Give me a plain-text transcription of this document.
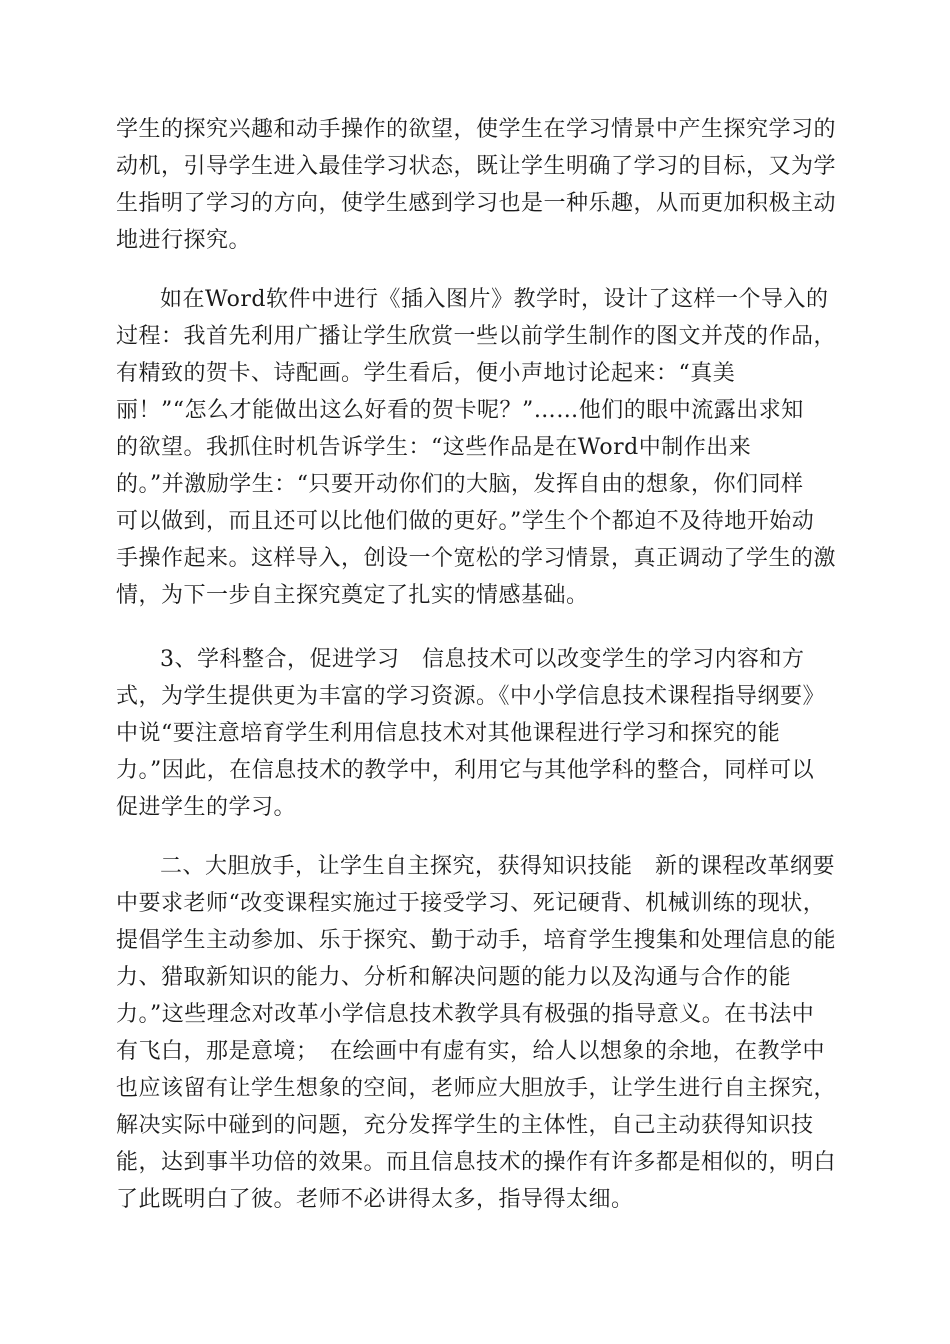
学生的探究兴趣和动手操作的欲望，使学生在学习情景中产生探究学习的
动机，引导学生进入最佳学习状态，既让学生明确了学习的目标，又为学
生指明了学习的方向，使学生感到学习也是一种乐趣，从而更加积极主动
地进行探究。
如在Word软件中进行《插入图片》教学时，设计了这样一个导入的
过程：我首先利用广播让学生欣赏一些以前学生制作的图文并茂的作品，
有精致的贺卡、诗配画。学生看后，便小声地讨论起来：“真美
丽！”“怎么才能做出这么好看的贺卡呢？”……他们的眼中流露出求知
的欲望。我抓住时机告诉学生：“这些作品是在Word中制作出来
的。”并激励学生：“只要开动你们的大脑，发挥自由的想象，你们同样
可以做到，而且还可以比他们做的更好。”学生个个都迫不及待地开始动
手操作起来。这样导入，创设一个宽松的学习情景，真正调动了学生的激
情，为下一步自主探究奠定了扎实的情感基础。
3、学科整合，促进学习　信息技术可以改变学生的学习内容和方
式，为学生提供更为丰富的学习资源。《中小学信息技术课程指导纲要》
中说“要注意培育学生利用信息技术对其他课程进行学习和探究的能
力。”因此，在信息技术的教学中，利用它与其他学科的整合，同样可以
促进学生的学习。
二、大胆放手，让学生自主探究，获得知识技能　新的课程改革纲要
中要求老师“改变课程实施过于接受学习、死记硬背、机械训练的现状，
提倡学生主动参加、乐于探究、勤于动手，培育学生搜集和处理信息的能
力、猎取新知识的能力、分析和解决问题的能力以及沟通与合作的能
力。”这些理念对改革小学信息技术教学具有极强的指导意义。在书法中
有飞白，那是意境；　在绘画中有虚有实，给人以想象的余地，在教学中
也应该留有让学生想象的空间，老师应大胆放手，让学生进行自主探究，
解决实际中碰到的问题，充分发挥学生的主体性，自己主动获得知识技
能，达到事半功倍的效果。而且信息技术的操作有许多都是相似的，明白
了此既明白了彼。老师不必讲得太多，指导得太细。
